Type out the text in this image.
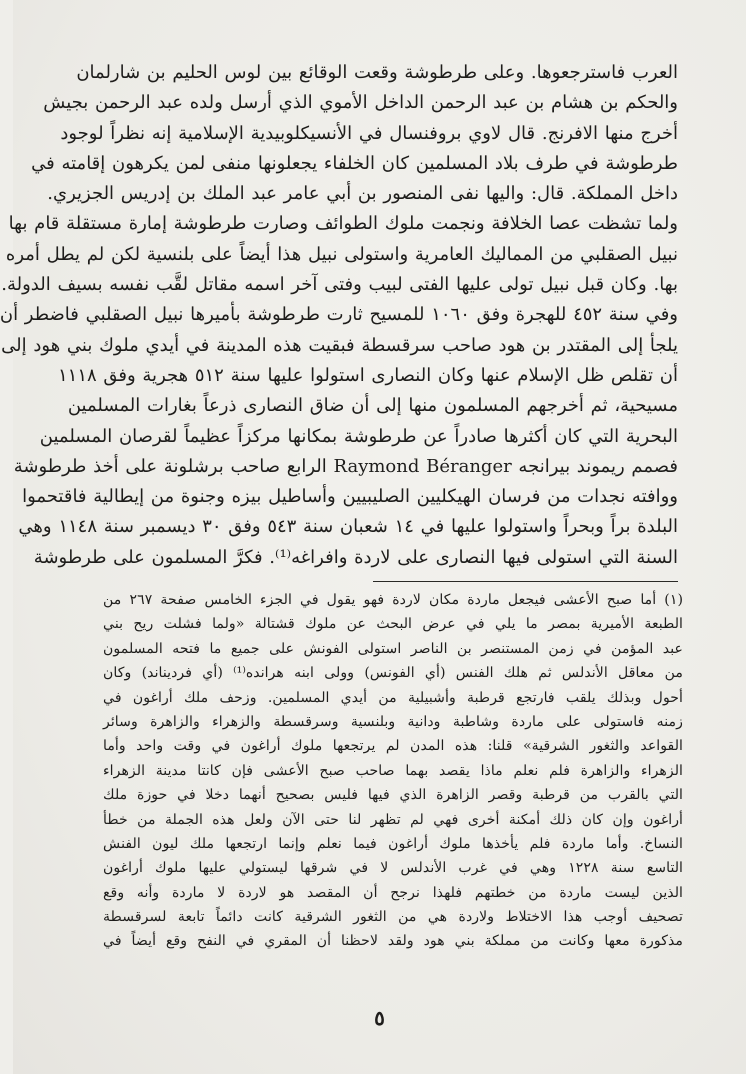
العرب فاسترجعوها. وعلى طرطوشة وقعت الوقائع بين لوس الحليم بن شارلمان
والحكم بن هشام بن عبد الرحمن الداخل الأموي الذي أرسل ولده عبد الرحمن بجيش
أخرج منها الافرنج. قال لاوي بروفنسال في الأنسيكلوبيدية الإسلامية إنه نظراً لوجود
طرطوشة في طرف بلاد المسلمين كان الخلفاء يجعلونها منفى لمن يكرهون إقامته في
داخل المملكة. قال: واليها نفى المنصور بن أبي عامر عبد الملك بن إدريس الجزيري.
ولما تشظت عصا الخلافة ونجمت ملوك الطوائف وصارت طرطوشة إمارة مستقلة قام بها
نبيل الصقلبي من المماليك العامرية واستولى نبيل هذا أيضاً على بلنسية لكن لم يطل أمره
بها. وكان قبل نبيل تولى عليها الفتى لبيب وفتى آخر اسمه مقاتل لقَّب نفسه بسيف الدولة.
وفي سنة ٤٥٢ للهجرة وفق ١٠٦٠ للمسيح ثارت طرطوشة بأميرها نبيل الصقلبي فاضطر أن
يلجأ إلى المقتدر بن هود صاحب سرقسطة فبقيت هذه المدينة في أيدي ملوك بني هود إلى
أن تقلص ظل الإسلام عنها وكان النصارى استولوا عليها سنة ٥١٢ هجرية وفق ١١١٨
مسيحية، ثم أخرجهم المسلمون منها إلى أن ضاق النصارى ذرعاً بغارات المسلمين
البحرية التي كان أكثرها صادراً عن طرطوشة بمكانها مركزاً عظيماً لقرصان المسلمين
فصمم ريموند بيرانجه Raymond Béranger الرابع صاحب برشلونة على أخذ طرطوشة
ووافته نجدات من فرسان الهيكليين الصليبيين وأساطيل بيزه وجنوة من إيطالية فاقتحموا
البلدة براً وبحراً واستولوا عليها في ١٤ شعبان سنة ٥٤٣ وفق ٣٠ ديسمبر سنة ١١٤٨ وهي
السنة التي استولى فيها النصارى على لاردة وافراغه⁽¹⁾. فكرَّ المسلمون على طرطوشة
(١) أما صبح الأعشى فيجعل ماردة مكان لاردة فهو يقول في الجزء الخامس صفحة ٢٦٧ من
الطبعة الأميرية بمصر ما يلي في عرض البحث عن ملوك قشتالة «ولما فشلت ريح بني
عبد المؤمن في زمن المستنصر بن الناصر استولى الفونش على جميع ما فتحه المسلمون
من معاقل الأندلس ثم هلك الفنس (أي الفونس) وولى ابنه هرانده⁽¹⁾ (أي فرديناند) وكان
أحول وبذلك يلقب فارتجع قرطبة وأشبيلية من أيدي المسلمين. وزحف ملك أراغون في
زمنه فاستولى على ماردة وشاطبة ودانية وبلنسية وسرقسطة والزهراء والزاهرة وسائر
القواعد والثغور الشرقية» قلنا: هذه المدن لم يرتجعها ملوك أراغون في وقت واحد وأما
الزهراء والزاهرة فلم نعلم ماذا يقصد بهما صاحب صبح الأعشى فإن كانتا مدينة الزهراء
التي بالقرب من قرطبة وقصر الزاهرة الذي فيها فليس بصحيح أنهما دخلا في حوزة ملك
أراغون وإن كان ذلك أمكنة أخرى فهي لم تظهر لنا حتى الآن ولعل هذه الجملة من خطأ
النساخ. وأما ماردة فلم يأخذها ملوك أراغون فيما نعلم وإنما ارتجعها ملك ليون الفنش
التاسع سنة ١٢٢٨ وهي في غرب الأندلس لا في شرقها ليستولي عليها ملوك أراغون
الذين ليست ماردة من خطتهم فلهذا نرجح أن المقصد هو لاردة لا ماردة وأنه وقع
تصحيف أوجب هذا الاختلاط ولاردة هي من الثغور الشرقية كانت دائماً تابعة لسرقسطة
مذكورة معها وكانت من مملكة بني هود ولقد لاحظنا أن المقري في النفح وقع أيضاً في
٥
